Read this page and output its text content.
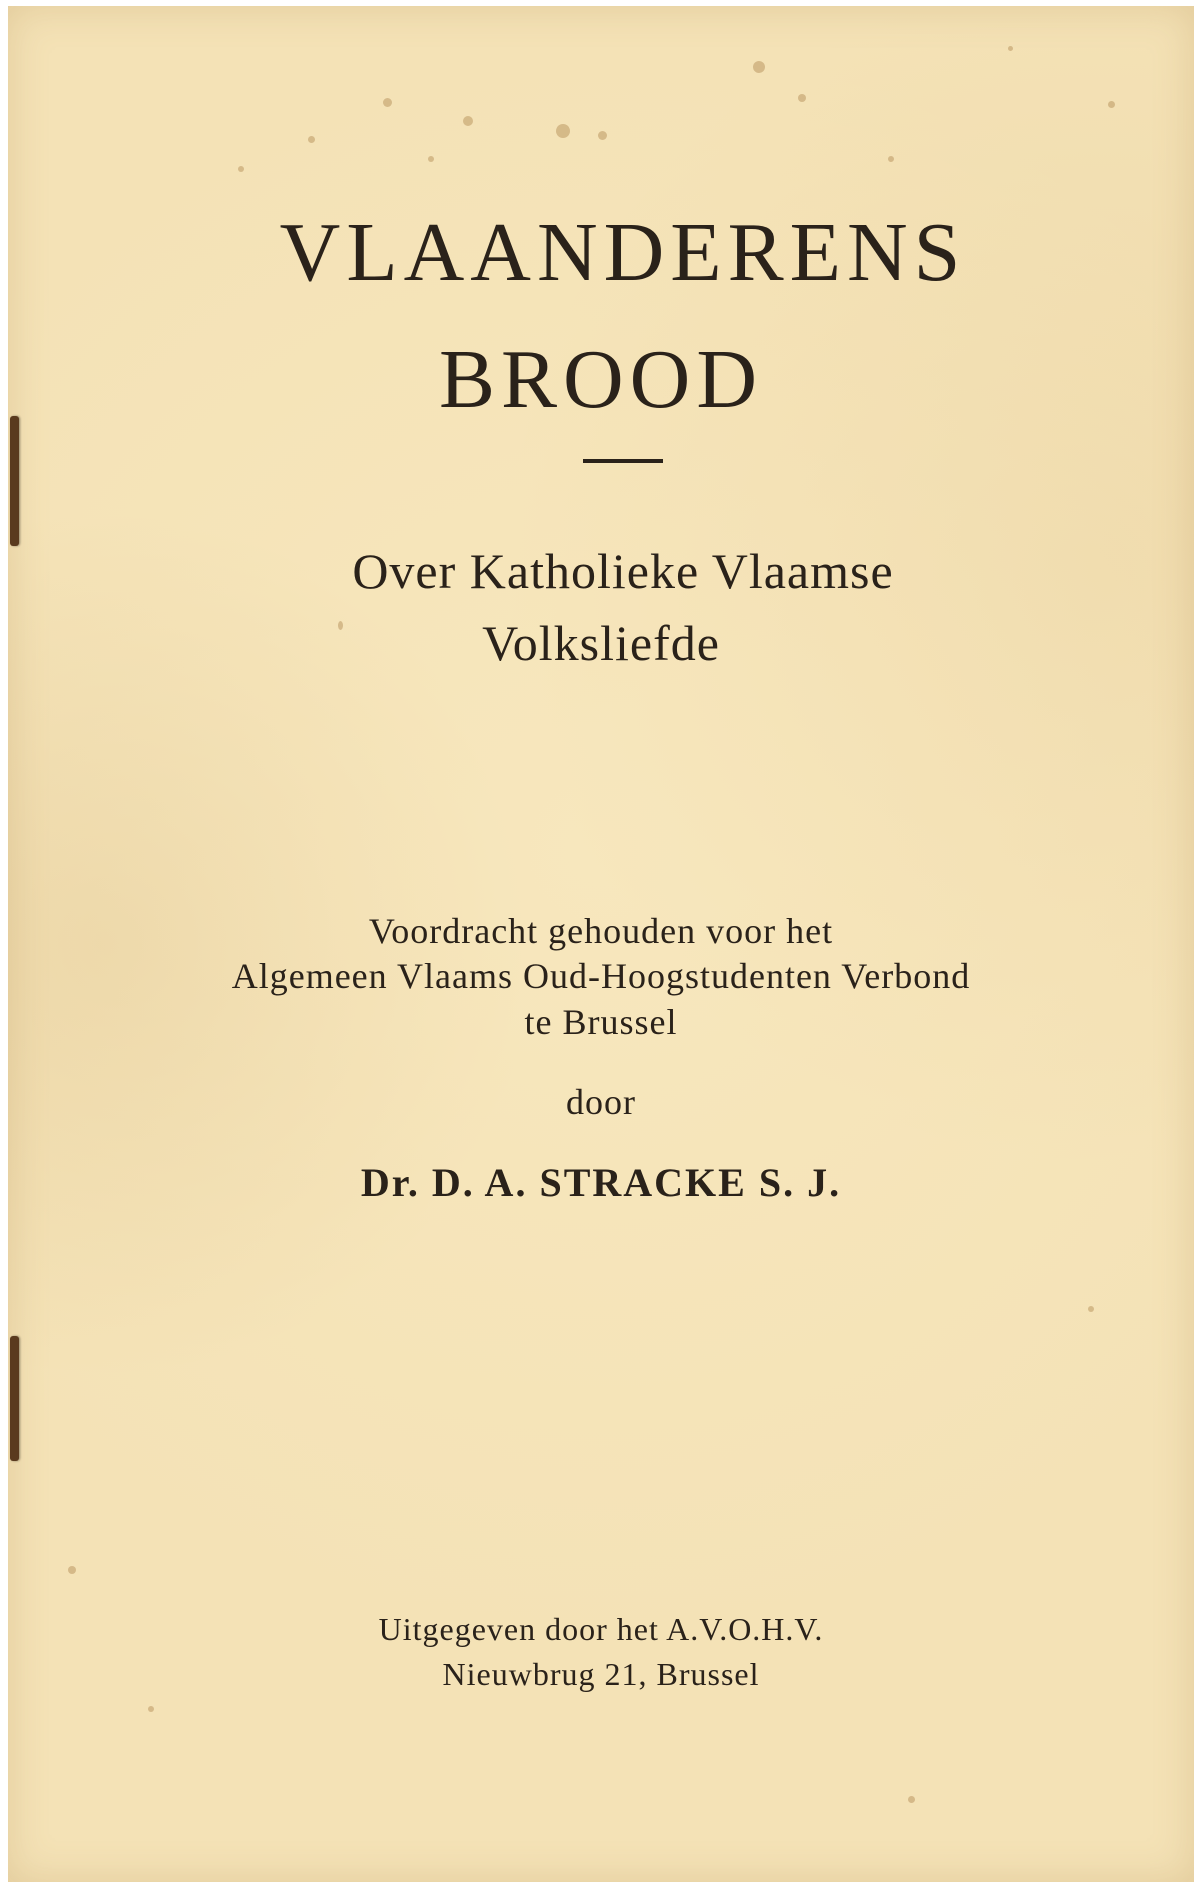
VLAANDERENS
BROOD
Over Katholieke Vlaamse
Volksliefde
Voordracht gehouden voor het
Algemeen Vlaams Oud-Hoogstudenten Verbond
te Brussel
door
Dr. D. A. STRACKE S. J.
Uitgegeven door het A.V.O.H.V.
Nieuwbrug 21, Brussel
